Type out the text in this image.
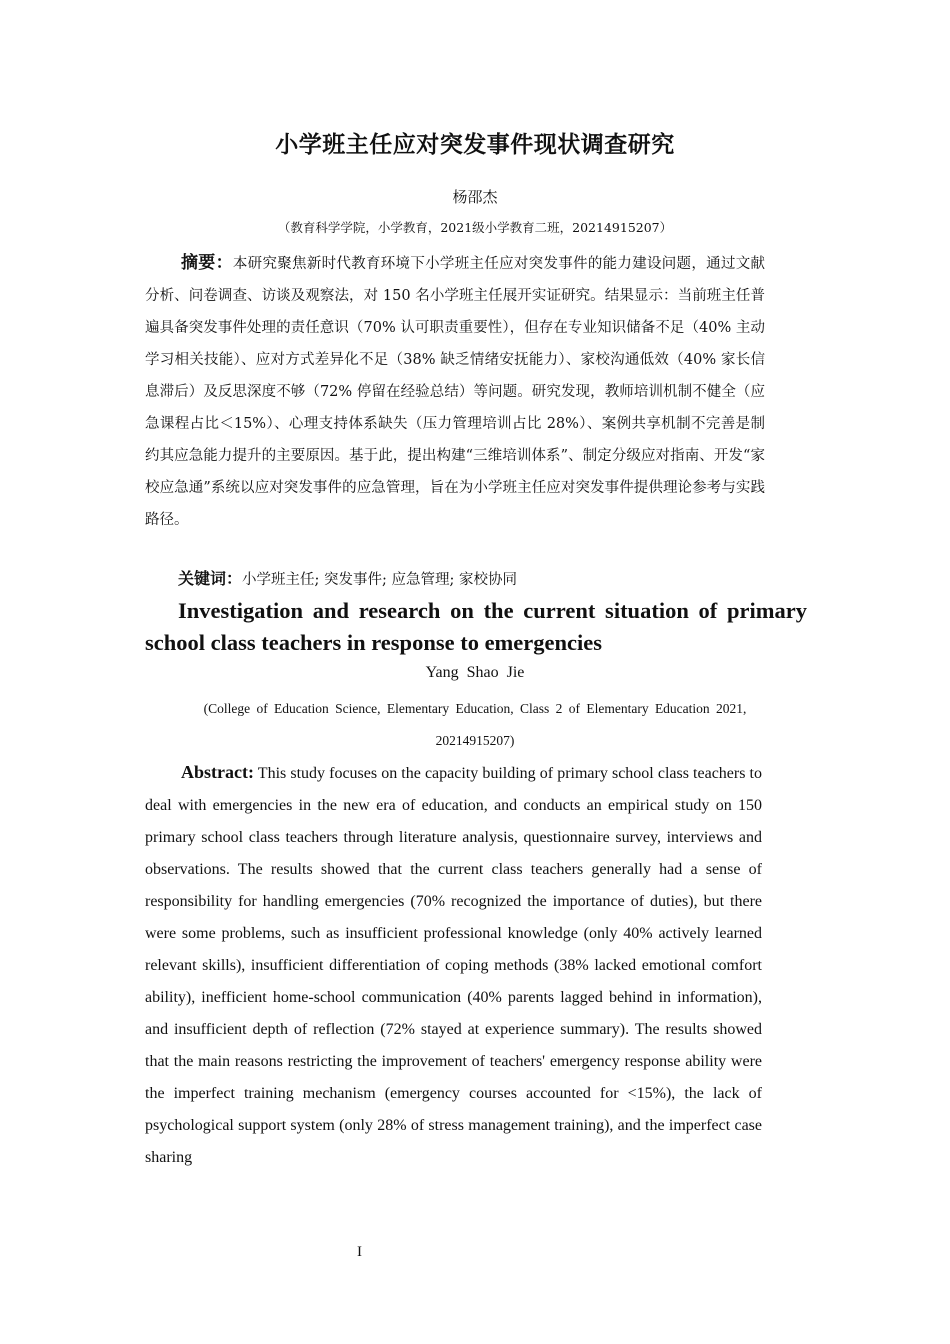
小学班主任应对突发事件现状调查研究
杨邵杰
（教育科学学院，小学教育，2021级小学教育二班，20214915207）

摘要：本研究聚焦新时代教育环境下小学班主任应对突发事件的能力建设问题，通过文献分析、问卷调查、访谈及观察法，对 150 名小学班主任展开实证研究。结果显示：当前班主任普遍具备突发事件处理的责任意识（70% 认可职责重要性），但存在专业知识储备不足（40% 主动学习相关技能）、应对方式差异化不足（38% 缺乏情绪安抚能力）、家校沟通低效（40% 家长信息滞后）及反思深度不够（72% 停留在经验总结）等问题。研究发现，教师培训机制不健全（应急课程占比＜15%）、心理支持体系缺失（压力管理培训占比 28%）、案例共享机制不完善是制约其应急能力提升的主要原因。基于此，提出构建“三维培训体系”、制定分级应对指南、开发“家校应急通”系统以应对突发事件的应急管理，旨在为小学班主任应对突发事件提供理论参考与实践路径。

关键词：小学班主任; 突发事件; 应急管理; 家校协同

Investigation and research on the current situation of primary school class teachers in response to emergencies

Yang Shao Jie

(College of Education Science, Elementary Education, Class 2 of Elementary Education 2021, 20214915207)

Abstract: This study focuses on the capacity building of primary school class teachers to deal with emergencies in the new era of education, and conducts an empirical study on 150 primary school class teachers through literature analysis, questionnaire survey, interviews and observations. The results showed that the current class teachers generally had a sense of responsibility for handling emergencies (70% recognized the importance of duties), but there were some problems, such as insufficient professional knowledge (only 40% actively learned relevant skills), insufficient differentiation of coping methods (38% lacked emotional comfort ability), inefficient home-school communication (40% parents lagged behind in information), and insufficient depth of reflection (72% stayed at experience summary). The results showed that the main reasons restricting the improvement of teachers' emergency response ability were the imperfect training mechanism (emergency courses accounted for <15%), the lack of psychological support system (only 28% of stress management training), and the imperfect case sharing

I
